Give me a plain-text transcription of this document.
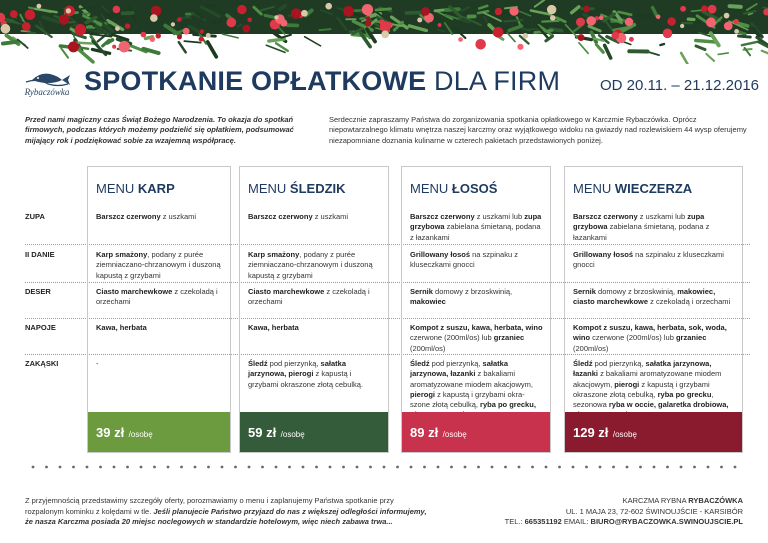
Rybaczówka SPOTKANIE OPŁATKOWE DLA FIRM	OD 20.11. – 21.12.2016
Przed nami magiczny czas Świąt Bożego Narodzenia. To okazja do spotkań firmowych, podczas których możemy podzielić się opłatkiem, podsumować mijający rok i podziękować sobie za wzajemną współpracę.
Serdecznie zapraszamy Państwa do zorganizowania spotkania opłatkowego w Karczmie Rybaczówka. Oprócz niepowtarzalnego klimatu wnętrza naszej karczmy oraz wyjątkowego widoku na gwiazdy nad rozlewiskiem 44 wysp oferujemy niezapomniane doznania kulinarne w czterech pakietach przedstawionych poniżej.
ZUPA
II DANIE
DESER
NAPOJE
ZAKĄSKI
MENU KARP
Barszcz czerwony z uszkami
Karp smażony, podany z purée ziemniaczano-chrzanowym i duszoną kapustą z grzybami
Ciasto marchewkowe z czekoladą i orzechami
Kawa, herbata
-
39 zł /osobę
MENU ŚLEDZIK
Barszcz czerwony z uszkami
Karp smażony, podany z purée ziemniaczano-chrzanowym i duszoną kapustą z grzybami
Ciasto marchewkowe z czekoladą i orzechami
Kawa, herbata
Śledź pod pierzynką, sałatka jarzynowa, pierogi z kapustą i grzybami okraszone złotą cebulką.
59 zł /osobę
MENU ŁOSOŚ
Barszcz czerwony z uszkami lub zupa grzybowa zabielana śmietaną, podana z łazankami
Grillowany łosoś na szpinaku z kluseczkami gnocci
Sernik domowy z brzoskwinią, makowiec
Kompot z suszu, kawa, herbata, wino czerwone (200ml/os) lub grzaniec (200ml/os)
Śledź pod pierzynką, sałatka jarzynowa, łazanki z bakaliami aromatyzowane miodem akacjowym, pierogi z kapustą i grzybami okra-szone złotą cebulką, ryba po grecku,
89 zł /osobę
MENU WIECZERZA
Barszcz czerwony z uszkami lub zupa grzybowa zabielana śmietaną, podana z łazankami
Grillowany łosoś na szpinaku z kluseczkami gnocci
Sernik domowy z brzoskwinią, makowiec, ciasto marchewkowe z czekoladą i orzechami
Kompot z suszu, kawa, herbata, sok, woda, wino czerwone (200ml/os) lub grzaniec (200ml/os)
Śledź pod pierzynką, sałatka jarzynowa, łazanki z bakaliami aromatyzowane miodem akacjowym, pierogi z kapustą i grzybami okraszone złotą cebulką, ryba po grecku, sezonowa ryba w occie, galaretka drobiowa,
129 zł /osobę
Z przyjemnością przedstawimy szczegóły oferty, porozmawiamy o menu i zaplanujemy Państwa spotkanie przy
rozpalonym kominku z kolędami w tle. Jeśli planujecie Państwo przyjazd do nas z większej odległości informujemy,
że nasza Karczma posiada 20 miejsc noclegowych w standardzie hotelowym, więc niech zabawa trwa...
KARCZMA RYBNA RYBACZÓWKA
UL. 1 MAJA 23, 72-602 ŚWINOUJŚCIE - KARSIBÓR
TEL.: 665351192 EMAIL: BIURO@RYBACZOWKA.SWINOUJSCIE.PL
